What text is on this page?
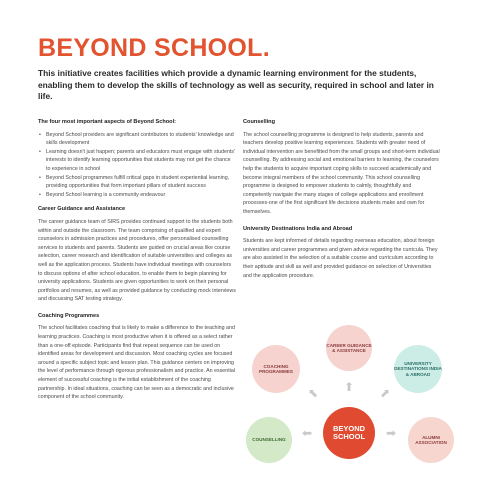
BEYOND SCHOOL.

This initiative creates facilities which provide a dynamic learning environment for the students, enabling them to develop the skills of technology as well as security, required in school and later in life.

The four most important aspects of Beyond School:
• Beyond School providers are significant contributors to students' knowledge and skills development
• Learning doesn't just happen; parents and educators must engage with students' interests to identify learning opportunities that students may not get the chance to experience in school
• Beyond School programmes fulfill critical gaps in student experiential learning, providing opportunities that form important pillars of student success
• Beyond School learning is a community endeavour
Career Guidance and Assistance

The career guidance team of SIRS provides continued support to the students both within and outside the classroom. The team comprising of qualified and expert counselors in admission practices and procedures, offer personalised counselling services to students and parents. Students are guided on crucial areas like course selection, career research and identification of suitable universities and colleges as well as the application process. Students have individual meetings with counselors to discuss options of after school education, to enable them to begin planning for university applications. Students are given opportunities to work on their personal portfolios and resumes, as well as provided guidance by conducting mock interviews and discussing SAT testing strategy.

Coaching Programmes

The school facilitates coaching that is likely to make a difference to the teaching and learning practices. Coaching is most productive when it is offered as a select rather than a one-off episode. Participants find that repeat sequence can be used on identified areas for development and discussion. Most coaching cycles are focused around a specific subject topic and lesson plan. This guidance centers on improving the level of performance through rigorous professionalism and practice. An essential element of successful coaching is the initial establishment of the coaching partnership. In ideal situations, coaching can be seen as a democratic and inclusive component of the school community.

Counselling

The school counselling programme is designed to help students, parents and teachers develop positive learning experiences. Students with greater need of individual intervention are benefitted from the small groups and short-term individual counselling. By addressing social and emotional barriers to learning, the counselors help the students to acquire important coping skills to succeed academically and become integral members of the school community. This school counselling programme is designed to empower students to calmly, thoughtfully and competently navigate the many stages of college applications and enrollment processes-one of the first significant life decisions students make and own for themselves.

University Destinations India and Abroad

Students are kept informed of details regarding overseas education, about foreign universities and career programmes and given advice regarding the curricula. They are also assisted in the selection of a suitable course and curriculum according to their aptitude and skill as well and provided guidance on selection of Universities and the application procedure.

CAREER GUIDANCE & ASSISTANCE
COACHING PROGRAMMES
UNIVERSITY DESTINATIONS INDIA & ABROAD
COUNSELLING
ALUMNI ASSOCIATION
BEYOND SCHOOL
⬆
⬉	⬈
⬅	➡
